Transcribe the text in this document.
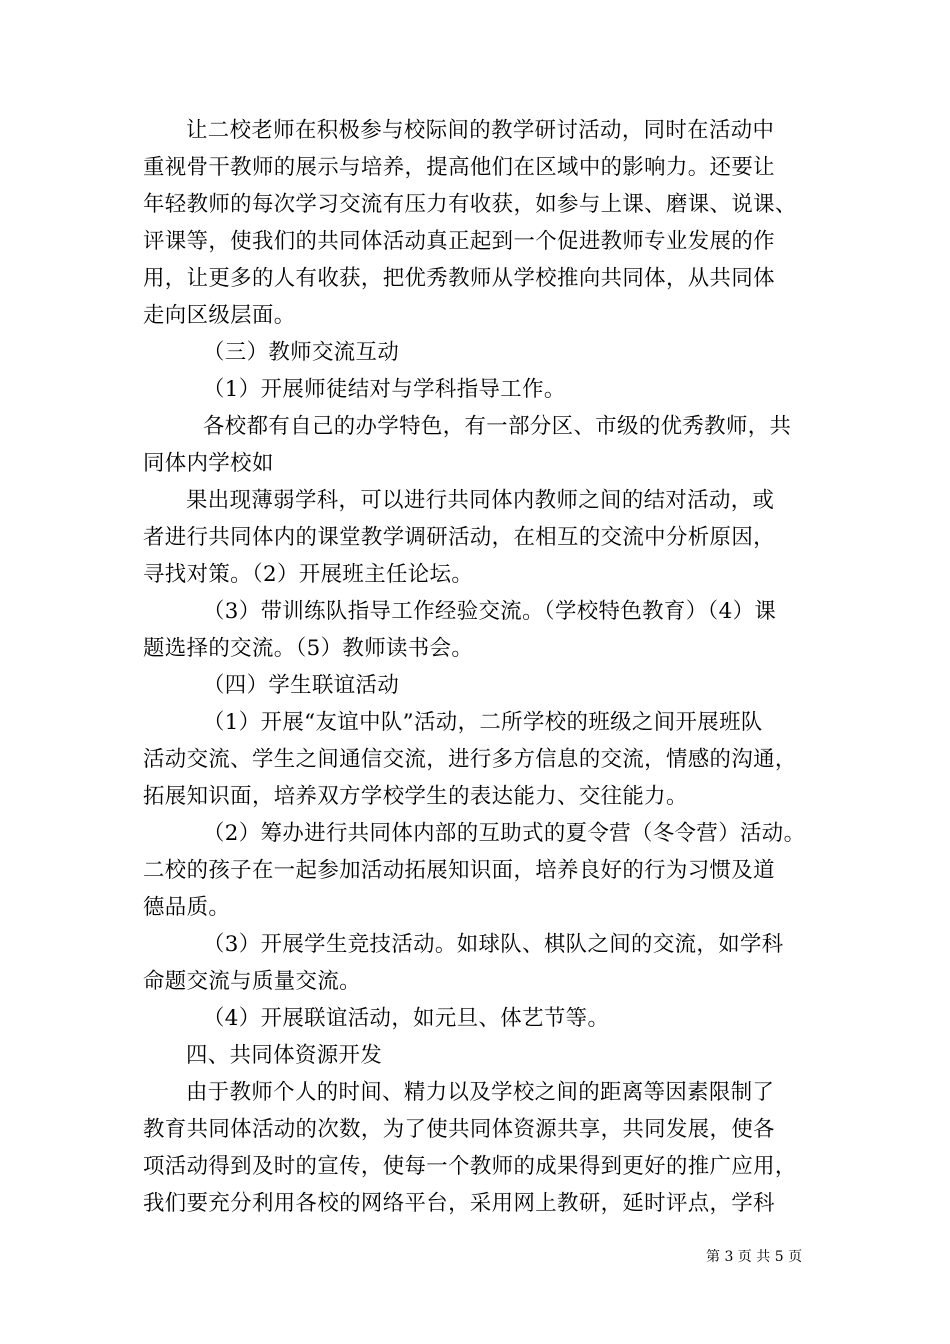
让二校老师在积极参与校际间的教学研讨活动，同时在活动中
重视骨干教师的展示与培养，提高他们在区域中的影响力。还要让
年轻教师的每次学习交流有压力有收获，如参与上课、磨课、说课、
评课等，使我们的共同体活动真正起到一个促进教师专业发展的作
用，让更多的人有收获，把优秀教师从学校推向共同体，从共同体
走向区级层面。
（三）教师交流互动
（1）开展师徒结对与学科指导工作。
各校都有自己的办学特色，有一部分区、市级的优秀教师，共
同体内学校如
果出现薄弱学科，可以进行共同体内教师之间的结对活动，或
者进行共同体内的课堂教学调研活动，在相互的交流中分析原因，
寻找对策。（2）开展班主任论坛。
（3）带训练队指导工作经验交流。（学校特色教育）（4）课
题选择的交流。（5）教师读书会。
（四）学生联谊活动
（1）开展“友谊中队”活动，二所学校的班级之间开展班队
活动交流、学生之间通信交流，进行多方信息的交流，情感的沟通，
拓展知识面，培养双方学校学生的表达能力、交往能力。
（2）筹办进行共同体内部的互助式的夏令营（冬令营）活动。
二校的孩子在一起参加活动拓展知识面，培养良好的行为习惯及道
德品质。
（3）开展学生竞技活动。如球队、棋队之间的交流，如学科
命题交流与质量交流。
（4）开展联谊活动，如元旦、体艺节等。
四、共同体资源开发
由于教师个人的时间、精力以及学校之间的距离等因素限制了
教育共同体活动的次数，为了使共同体资源共享，共同发展，使各
项活动得到及时的宣传，使每一个教师的成果得到更好的推广应用，
我们要充分利用各校的网络平台，采用网上教研，延时评点，学科
第 3 页 共 5 页
